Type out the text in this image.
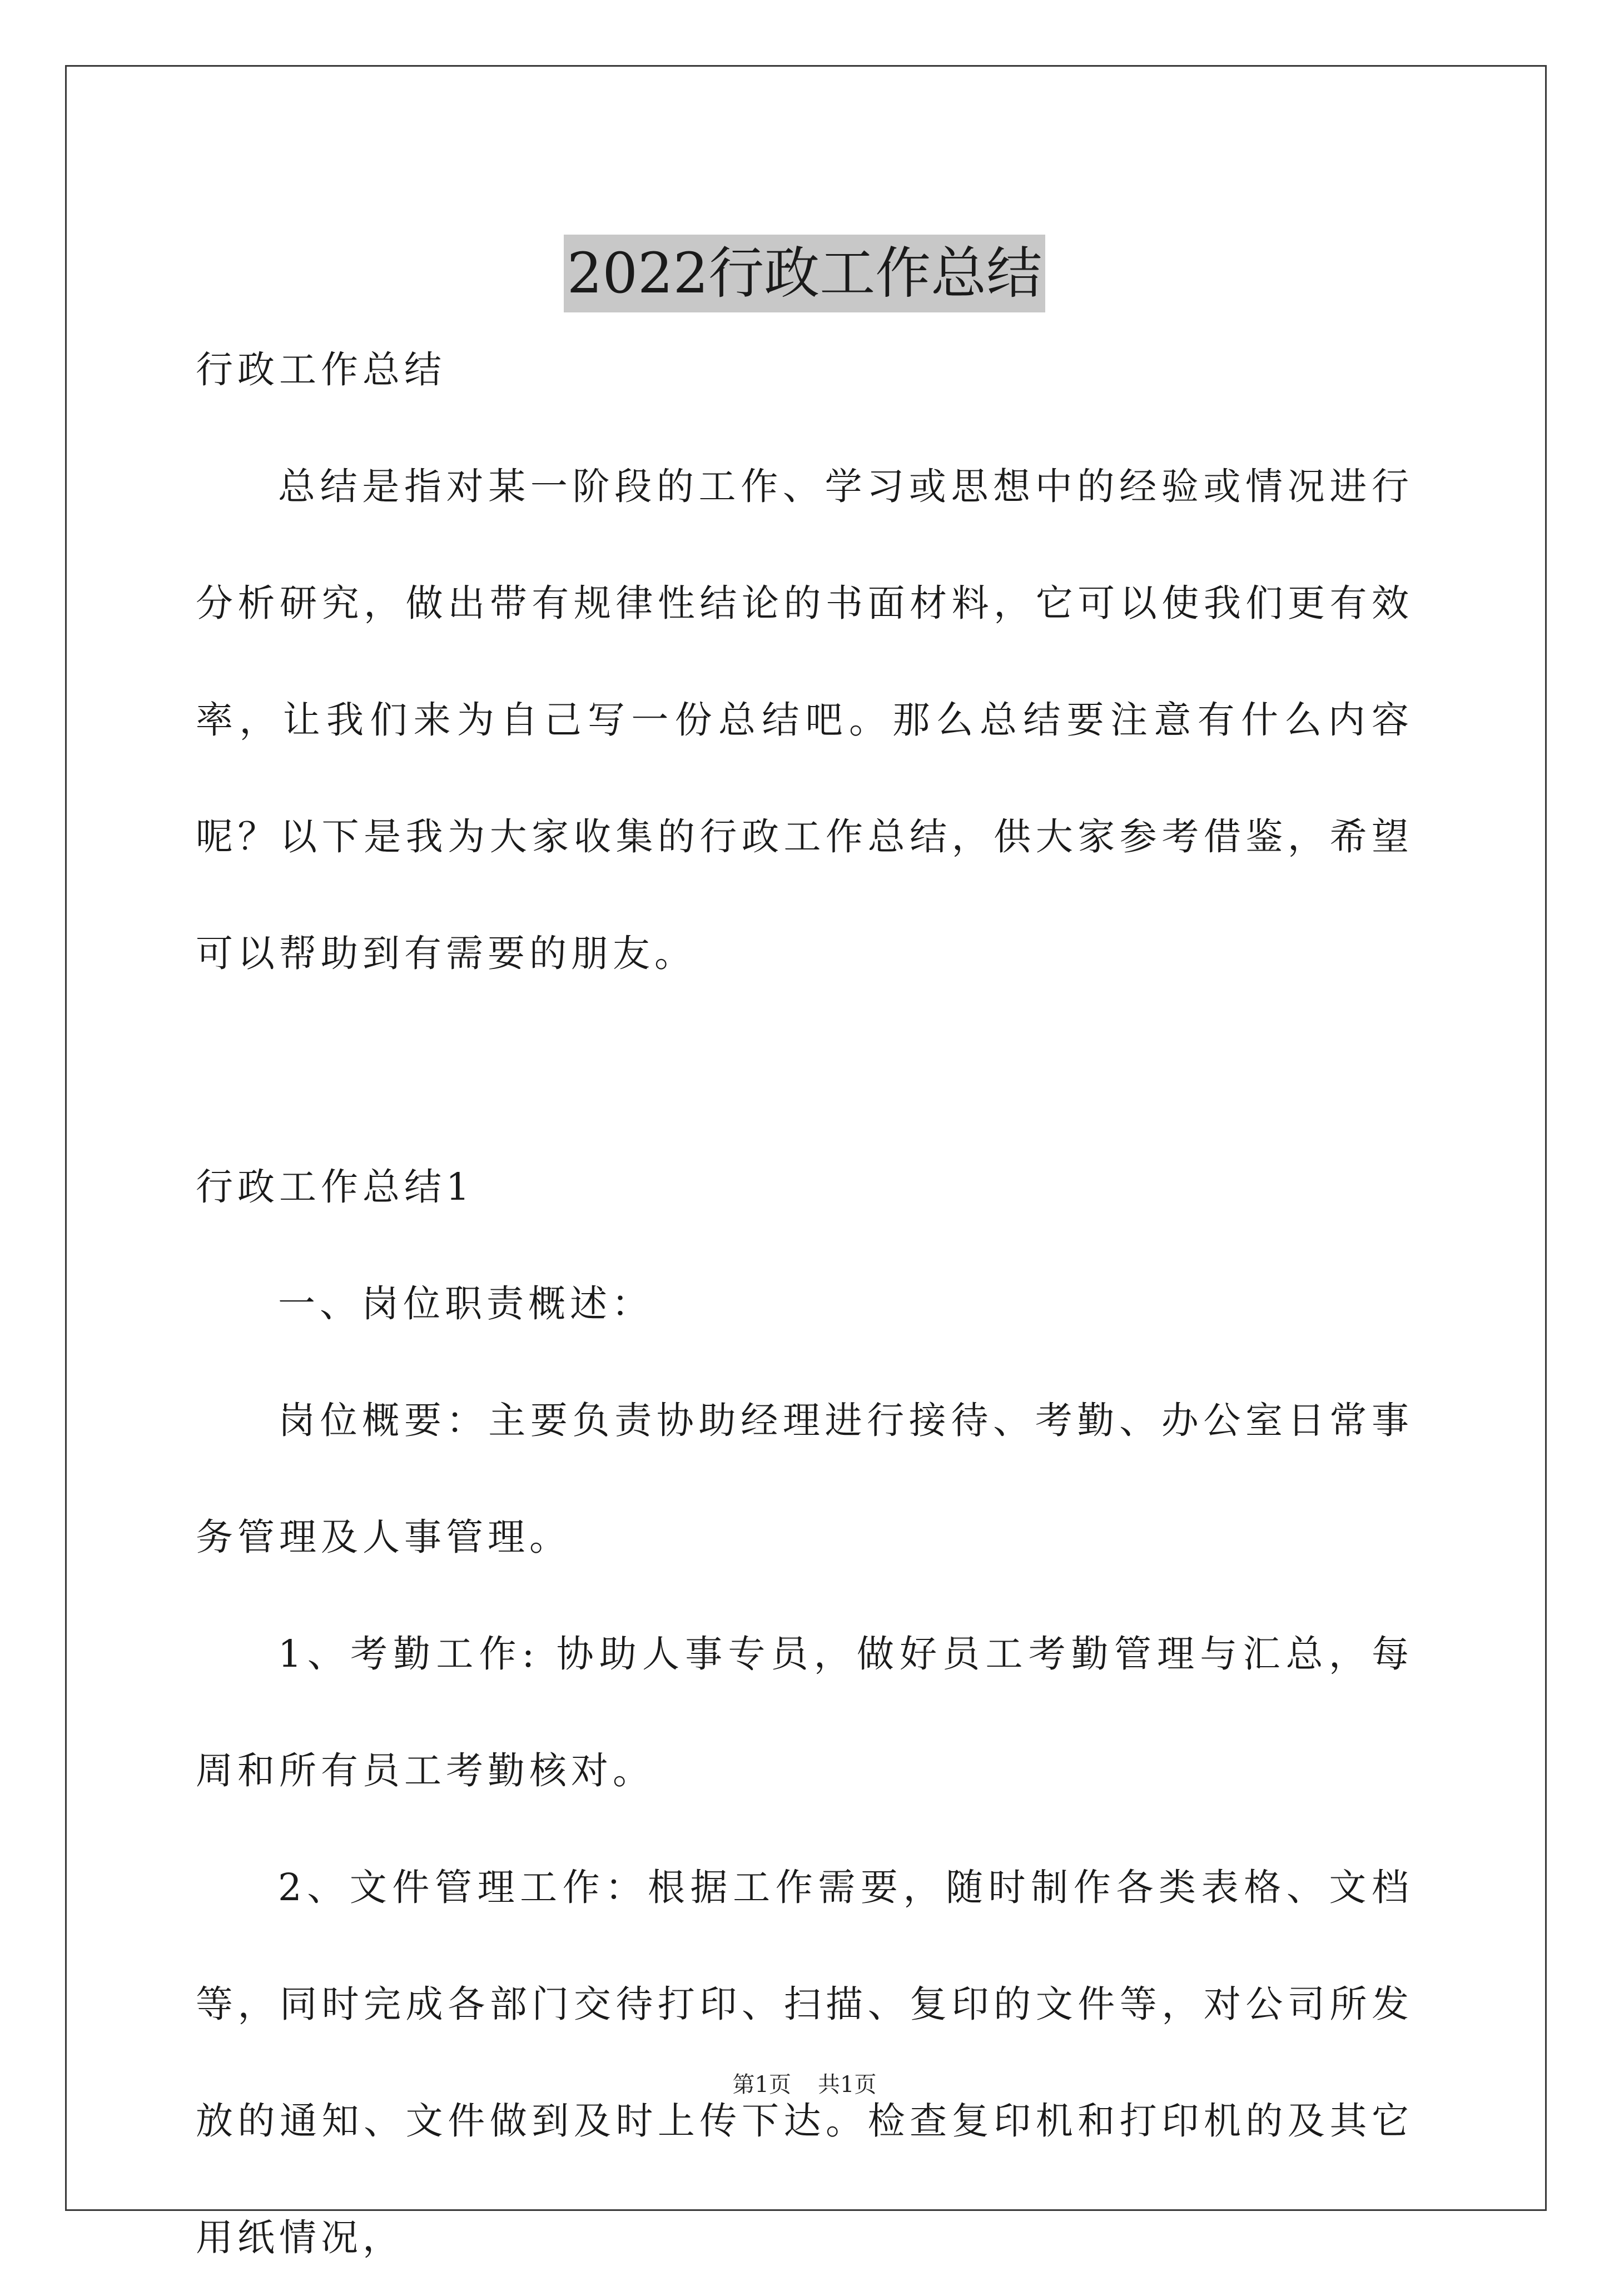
2022行政工作总结

行政工作总结

总结是指对某一阶段的工作、学习或思想中的经验或情况进行分析研究，做出带有规律性结论的书面材料，它可以使我们更有效率，让我们来为自己写一份总结吧。那么总结要注意有什么内容呢？以下是我为大家收集的行政工作总结，供大家参考借鉴，希望可以帮助到有需要的朋友。

行政工作总结1

一、岗位职责概述：

岗位概要：主要负责协助经理进行接待、考勤、办公室日常事务管理及人事管理。

1、考勤工作: 协助人事专员，做好员工考勤管理与汇总，每周和所有员工考勤核对。

2、文件管理工作：根据工作需要，随时制作各类表格、文档等，同时完成各部门交待打印、扫描、复印的文件等，对公司所发放的通知、文件做到及时上传下达。检查复印机和打印机的及其它用纸情况，

第1页 共1页
